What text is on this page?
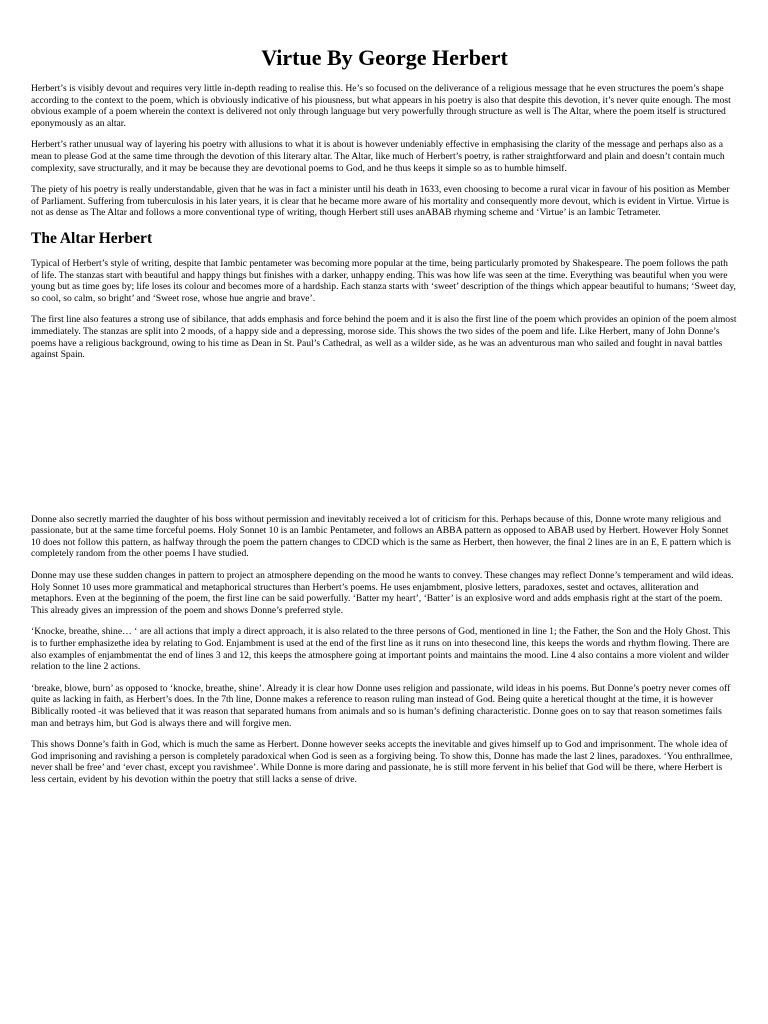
Virtue By George Herbert

Herbert’s is visibly devout and requires very little in-depth reading to realise this. He’s so focused on the deliverance of a religious message that he even structures the poem’s shape according to the context to the poem, which is obviously indicative of his piousness, but what appears in his poetry is also that despite this devotion, it’s never quite enough. The most obvious example of a poem wherein the context is delivered not only through language but very powerfully through structure as well is The Altar, where the poem itself is structured eponymously as an altar.

Herbert’s rather unusual way of layering his poetry with allusions to what it is about is however undeniably effective in emphasising the clarity of the message and perhaps also as a mean to please God at the same time through the devotion of this literary altar. The Altar, like much of Herbert’s poetry, is rather straightforward and plain and doesn’t contain much complexity, save structurally, and it may be because they are devotional poems to God, and he thus keeps it simple so as to humble himself.

The piety of his poetry is really understandable, given that he was in fact a minister until his death in 1633, even choosing to become a rural vicar in favour of his position as Member of Parliament. Suffering from tuberculosis in his later years, it is clear that he became more aware of his mortality and consequently more devout, which is evident in Virtue. Virtue is not as dense as The Altar and follows a more conventional type of writing, though Herbert still uses anABAB rhyming scheme and ‘Virtue’ is an Iambic Tetrameter.

The Altar Herbert

Typical of Herbert’s style of writing, despite that Iambic pentameter was becoming more popular at the time, being particularly promoted by Shakespeare. The poem follows the path of life. The stanzas start with beautiful and happy things but finishes with a darker, unhappy ending. This was how life was seen at the time. Everything was beautiful when you were young but as time goes by; life loses its colour and becomes more of a hardship. Each stanza starts with ‘sweet’ description of the things which appear beautiful to humans; ‘Sweet day, so cool, so calm, so bright’ and ‘Sweet rose, whose hue angrie and brave’.

The first line also features a strong use of sibilance, that adds emphasis and force behind the poem and it is also the first line of the poem which provides an opinion of the poem almost immediately. The stanzas are split into 2 moods, of a happy side and a depressing, morose side. This shows the two sides of the poem and life. Like Herbert, many of John Donne’s poems have a religious background, owing to his time as Dean in St. Paul’s Cathedral, as well as a wilder side, as he was an adventurous man who sailed and fought in naval battles against Spain.

Donne also secretly married the daughter of his boss without permission and inevitably received a lot of criticism for this. Perhaps because of this, Donne wrote many religious and passionate, but at the same time forceful poems. Holy Sonnet 10 is an Iambic Pentameter, and follows an ABBA pattern as opposed to ABAB used by Herbert. However Holy Sonnet 10 does not follow this pattern, as halfway through the poem the pattern changes to CDCD which is the same as Herbert, then however, the final 2 lines are in an E, E pattern which is completely random from the other poems I have studied.

Donne may use these sudden changes in pattern to project an atmosphere depending on the mood he wants to convey. These changes may reflect Donne’s temperament and wild ideas. Holy Sonnet 10 uses more grammatical and metaphorical structures than Herbert’s poems. He uses enjambment, plosive letters, paradoxes, sestet and octaves, alliteration and metaphors. Even at the beginning of the poem, the first line can be said powerfully. ‘Batter my heart’, ‘Batter’ is an explosive word and adds emphasis right at the start of the poem. This already gives an impression of the poem and shows Donne’s preferred style.

‘Knocke, breathe, shine… ‘ are all actions that imply a direct approach, it is also related to the three persons of God, mentioned in line 1; the Father, the Son and the Holy Ghost. This is to further emphasizethe idea by relating to God. Enjambment is used at the end of the first line as it runs on into thesecond line, this keeps the words and rhythm flowing. There are also examples of enjambmentat the end of lines 3 and 12, this keeps the atmosphere going at important points and maintains the mood. Line 4 also contains a more violent and wilder relation to the line 2 actions.

‘breake, blowe, burn’ as opposed to ‘knocke, breathe, shine’. Already it is clear how Donne uses religion and passionate, wild ideas in his poems. But Donne’s poetry never comes off quite as lacking in faith, as Herbert’s does. In the 7th line, Donne makes a reference to reason ruling man instead of God. Being quite a heretical thought at the time, it is however Biblically rooted -it was believed that it was reason that separated humans from animals and so is human’s defining characteristic. Donne goes on to say that reason sometimes fails man and betrays him, but God is always there and will forgive men.

This shows Donne’s faith in God, which is much the same as Herbert. Donne however seeks accepts the inevitable and gives himself up to God and imprisonment. The whole idea of God imprisoning and ravishing a person is completely paradoxical when God is seen as a forgiving being. To show this, Donne has made the last 2 lines, paradoxes. ‘You enthrallmee, never shall be free’ and ‘ever chast, except you ravishmee’. While Donne is more daring and passionate, he is still more fervent in his belief that God will be there, where Herbert is less certain, evident by his devotion within the poetry that still lacks a sense of drive.
